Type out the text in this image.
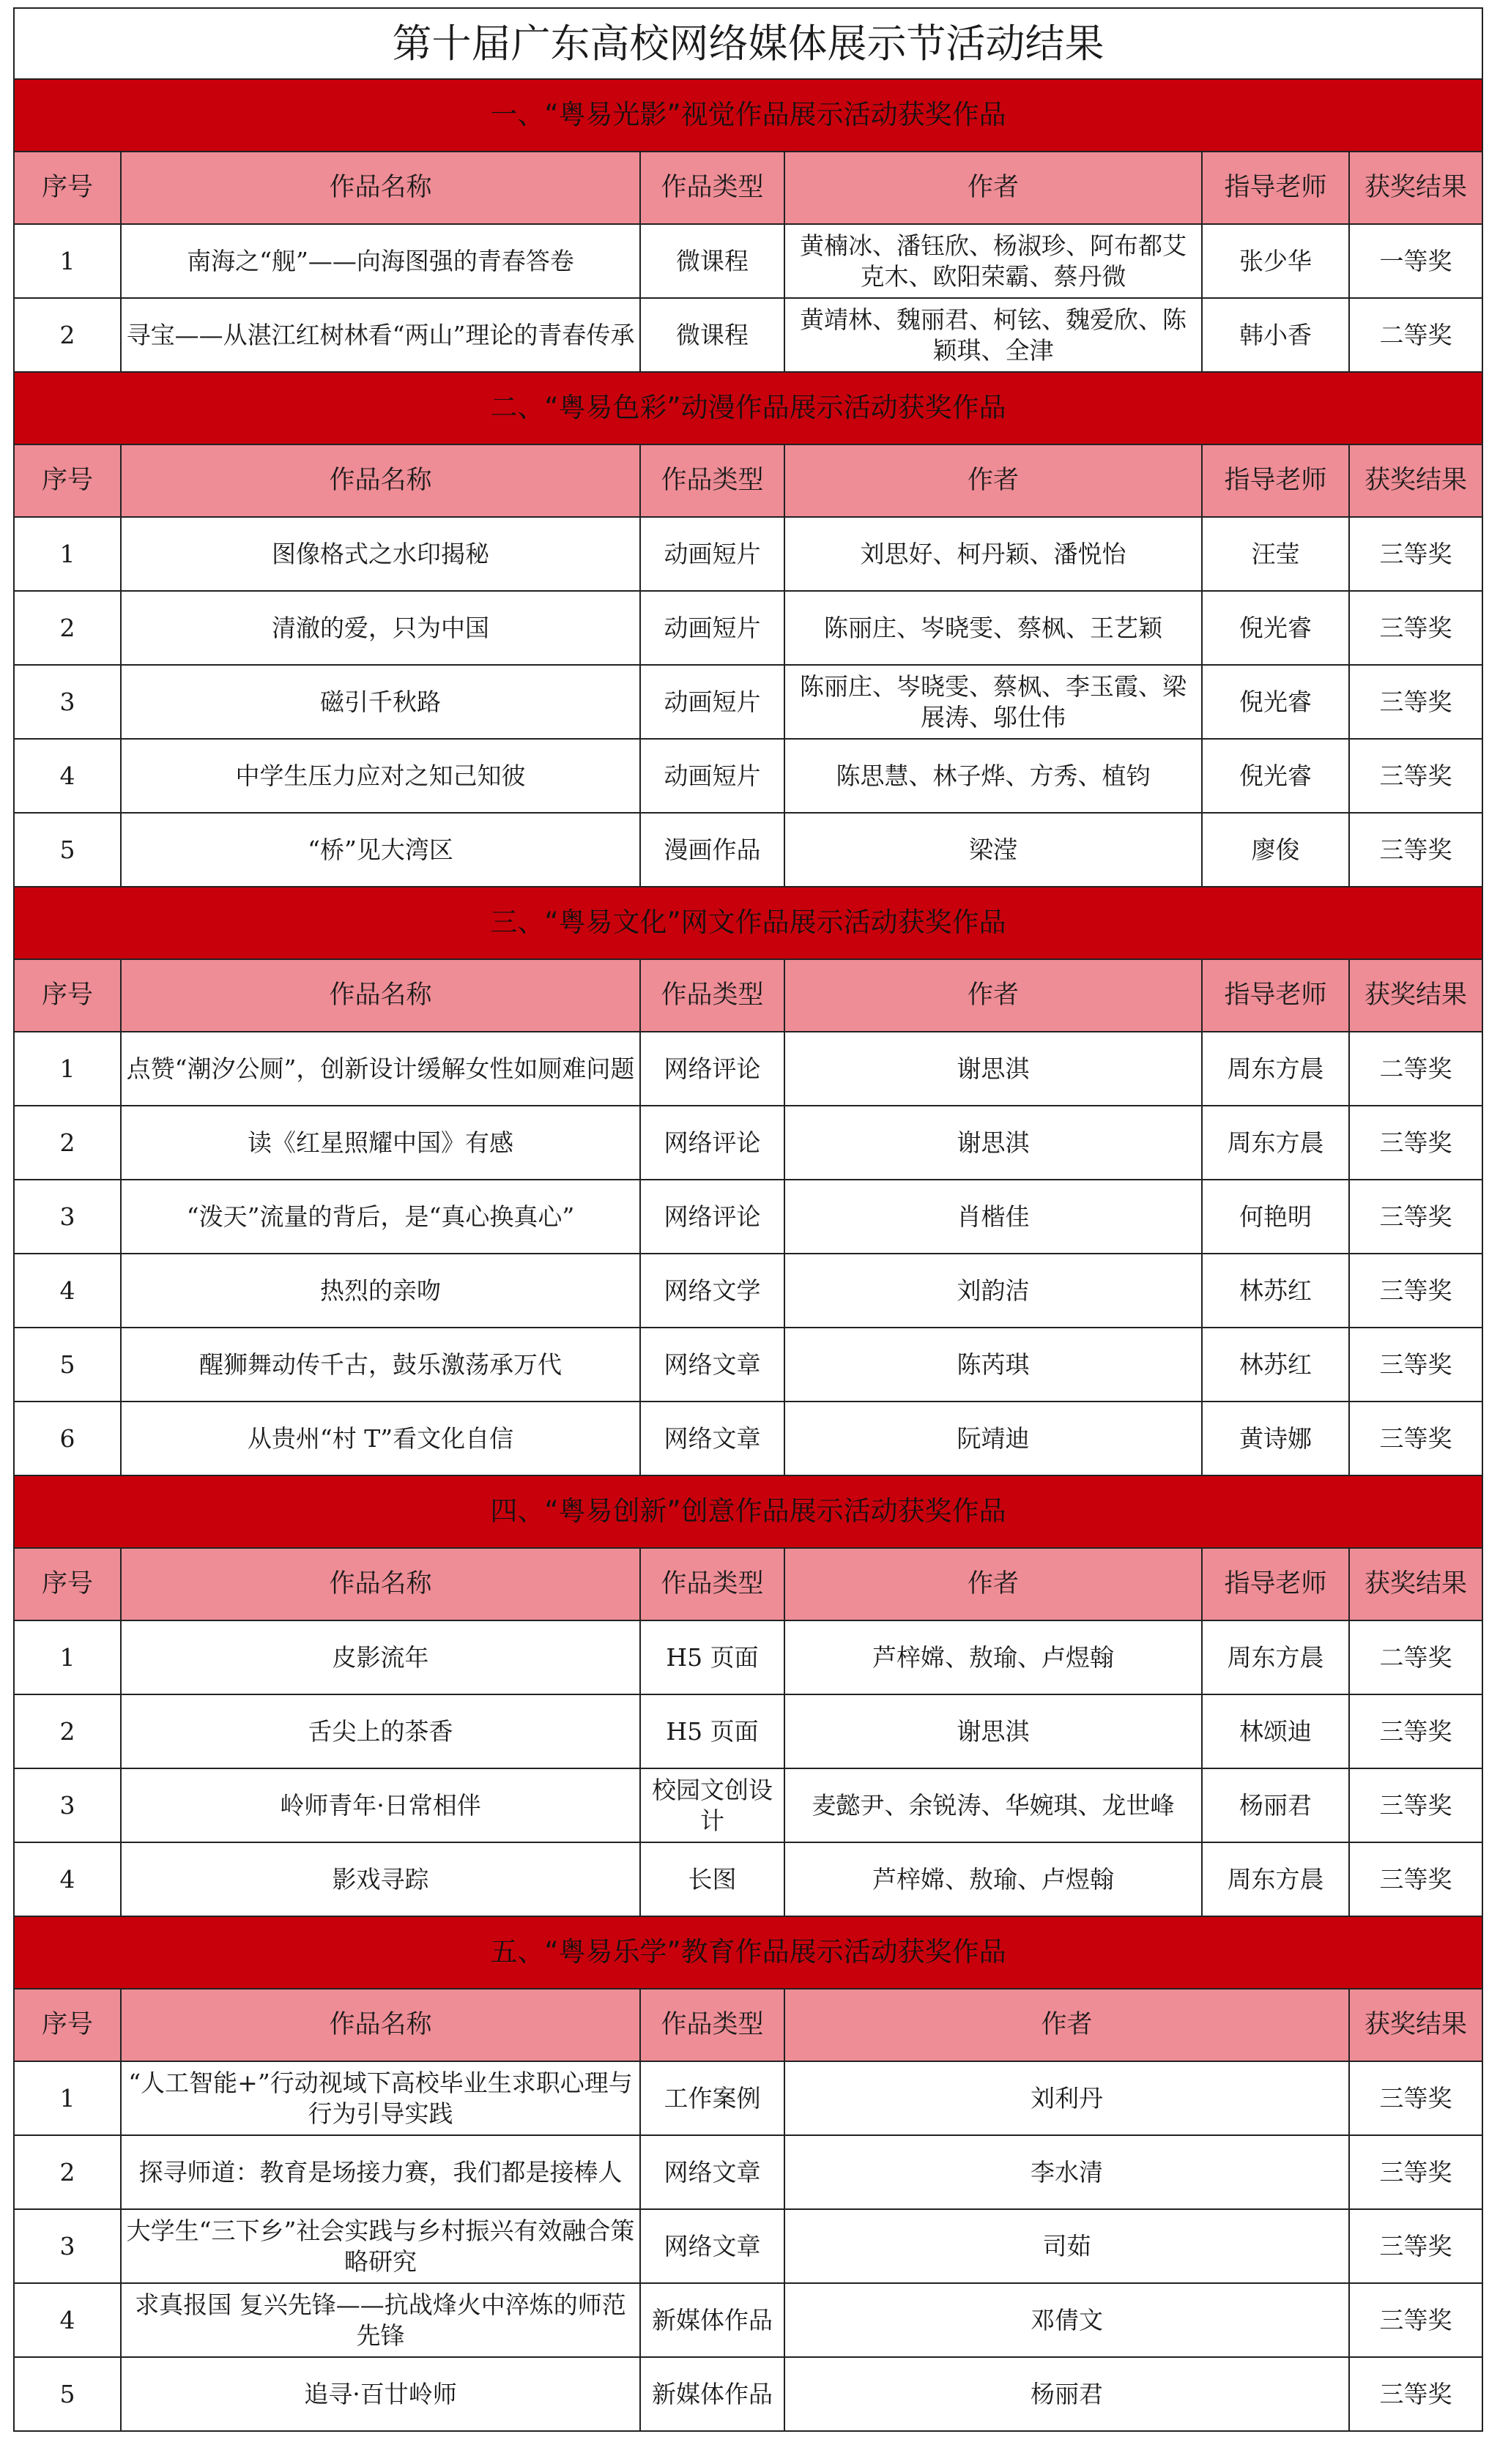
第十届广东高校网络媒体展示节活动结果					
一、“粤易光影”视觉作品展示活动获奖作品					
序号	作品名称	作品类型	作者	指导老师	获奖结果
1	南海之“舰”——向海图强的青春答卷	微课程	黄楠冰、潘钰欣、杨淑珍、阿布都艾克木、欧阳荣霸、蔡丹微	张少华	一等奖
2	寻宝——从湛江红树林看“两山”理论的青春传承	微课程	黄靖林、魏丽君、柯铉、魏爱欣、陈颖琪、全津	韩小香	二等奖
二、“粤易色彩”动漫作品展示活动获奖作品					
序号	作品名称	作品类型	作者	指导老师	获奖结果
1	图像格式之水印揭秘	动画短片	刘思好、柯丹颖、潘悦怡	汪莹	三等奖
2	清澈的爱，只为中国	动画短片	陈丽庄、岑晓雯、蔡枫、王艺颖	倪光睿	三等奖
3	磁引千秋路	动画短片	陈丽庄、岑晓雯、蔡枫、李玉霞、梁展涛、邬仕伟	倪光睿	三等奖
4	中学生压力应对之知己知彼	动画短片	陈思慧、林子烨、方秀、植钧	倪光睿	三等奖
5	“桥”见大湾区	漫画作品	梁滢	廖俊	三等奖
三、“粤易文化”网文作品展示活动获奖作品					
序号	作品名称	作品类型	作者	指导老师	获奖结果
1	点赞“潮汐公厕”，创新设计缓解女性如厕难问题	网络评论	谢思淇	周东方晨	二等奖
2	读《红星照耀中国》有感	网络评论	谢思淇	周东方晨	三等奖
3	“泼天”流量的背后，是“真心换真心”	网络评论	肖楷佳	何艳明	三等奖
4	热烈的亲吻	网络文学	刘韵洁	林苏红	三等奖
5	醒狮舞动传千古，鼓乐激荡承万代	网络文章	陈芮琪	林苏红	三等奖
6	从贵州“村 T”看文化自信	网络文章	阮靖迪	黄诗娜	三等奖
四、“粤易创新”创意作品展示活动获奖作品					
序号	作品名称	作品类型	作者	指导老师	获奖结果
1	皮影流年	H5 页面	芦梓嫦、敖瑜、卢煜翰	周东方晨	二等奖
2	舌尖上的茶香	H5 页面	谢思淇	林颂迪	三等奖
3	岭师青年·日常相伴	校园文创设计	麦懿尹、余锐涛、华婉琪、龙世峰	杨丽君	三等奖
4	影戏寻踪	长图	芦梓嫦、敖瑜、卢煜翰	周东方晨	三等奖
五、“粤易乐学”教育作品展示活动获奖作品					
序号	作品名称	作品类型	作者		获奖结果
1	“人工智能+”行动视域下高校毕业生求职心理与行为引导实践	工作案例	刘利丹		三等奖
2	探寻师道：教育是场接力赛，我们都是接棒人	网络文章	李水清		三等奖
3	大学生“三下乡”社会实践与乡村振兴有效融合策略研究	网络文章	司茹		三等奖
4	求真报国 复兴先锋——抗战烽火中淬炼的师范先锋	新媒体作品	邓倩文		三等奖
5	追寻·百廿岭师	新媒体作品	杨丽君		三等奖
